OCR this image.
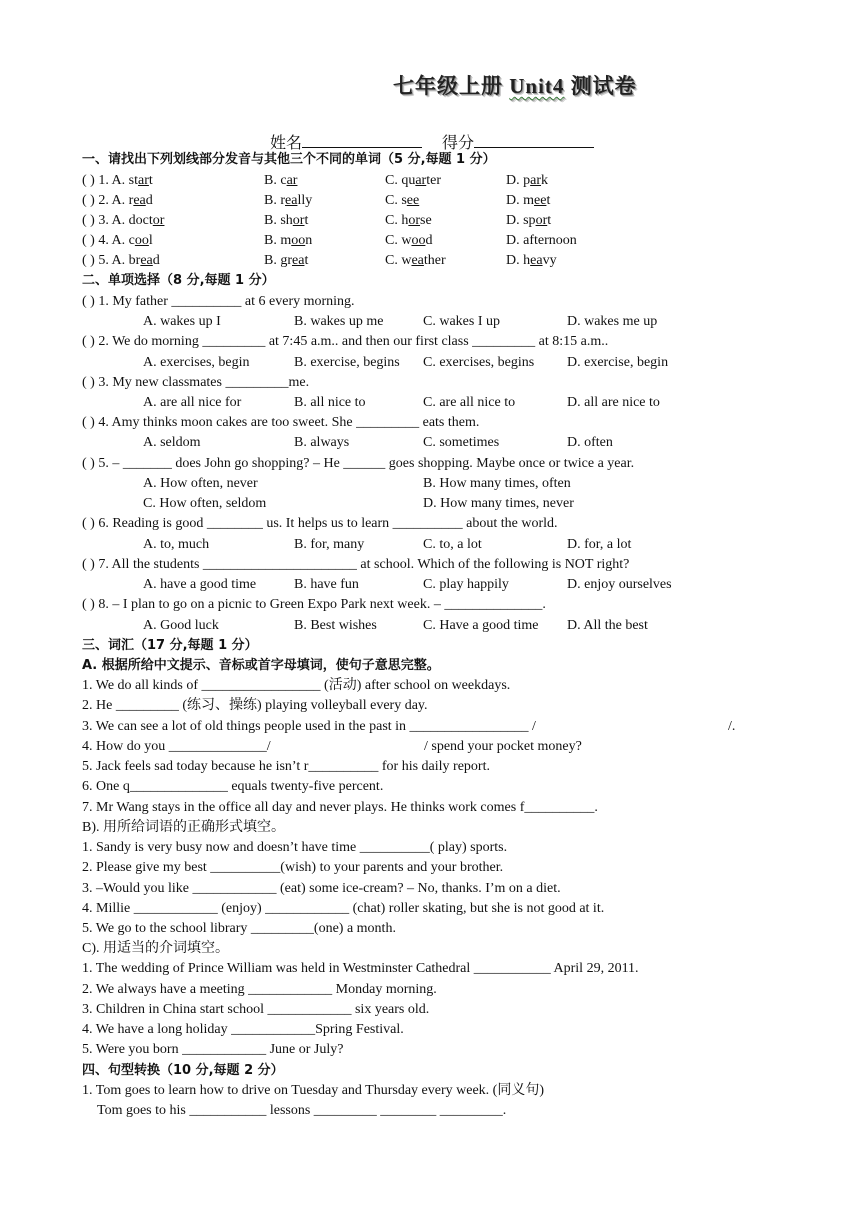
七年级上册 Unit4 测试卷
姓名	得分
一、请找出下列划线部分发音与其他三个不同的单词（5 分,每题 1 分）
( ) 1. A. start	B. car	C. quarter	D. park
( ) 2. A. read	B. really	C. see	D. meet
( ) 3. A. doctor	B. short	C. horse	D. sport
( ) 4. A. cool	B. moon	C. wood	D. afternoon
( ) 5. A. bread	B. great	C. weather	D. heavy
二、单项选择（8 分,每题 1 分）
( ) 1. My father __________ at 6 every morning.
A. wakes up I	B. wakes up me	C. wakes I up	D. wakes me up
( ) 2. We do morning _________ at 7:45 a.m.. and then our first class _________ at 8:15 a.m..
A. exercises, begin	B. exercise, begins C. exercises, begins D. exercise, begin
( ) 3. My new classmates _________me.
A. are all nice for	B. all nice to	C. are all nice to	D. all are nice to
( ) 4. Amy thinks moon cakes are too sweet. She _________ eats them.
A. seldom	B. always	C. sometimes	D. often
( ) 5. – _______ does John go shopping? – He ______ goes shopping. Maybe once or twice a year.
A. How often, never	B. How many times, often
C. How often, seldom	D. How many times, never
( ) 6. Reading is good ________ us. It helps us to learn __________ about the world.
A. to, much	B. for, many	C. to, a lot	D. for, a lot
( ) 7. All the students ______________________ at school. Which of the following is NOT right?
A. have a good time	B. have fun	C. play happily	D. enjoy ourselves
( ) 8. – I plan to go on a picnic to Green Expo Park next week. – ______________.
A. Good luck	B. Best wishes	C. Have a good time D. All the best
三、词汇（17 分,每题 1 分）
A. 根据所给中文提示、音标或首字母填词，使句子意思完整。
1. We do all kinds of _________________ (活动) after school on weekdays.
2. He _________ (练习、操练) playing volleyball every day.
3. We can see a lot of old things people used in the past in _________________ /	/.
4. How do you ______________/	/ spend your pocket money?
5. Jack feels sad today because he isn’t r__________ for his daily report.
6. One q______________ equals twenty-five percent.
7. Mr Wang stays in the office all day and never plays. He thinks work comes f__________.
B). 用所给词语的正确形式填空。
1. Sandy is very busy now and doesn’t have time __________( play) sports.
2. Please give my best __________(wish) to your parents and your brother.
3. –Would you like ____________ (eat) some ice-cream? – No, thanks. I’m on a diet.
4. Millie ____________ (enjoy) ____________ (chat) roller skating, but she is not good at it.
5. We go to the school library _________(one) a month.
C). 用适当的介词填空。
1. The wedding of Prince William was held in Westminster Cathedral ___________ April 29, 2011.
2. We always have a meeting ____________ Monday morning.
3. Children in China start school ____________ six years old.
4. We have a long holiday ____________Spring Festival.
5. Were you born ____________ June or July?
四、句型转换（10 分,每题 2 分）
1. Tom goes to learn how to drive on Tuesday and Thursday every week. (同义句)
Tom goes to his ___________ lessons _________ ________ _________.
